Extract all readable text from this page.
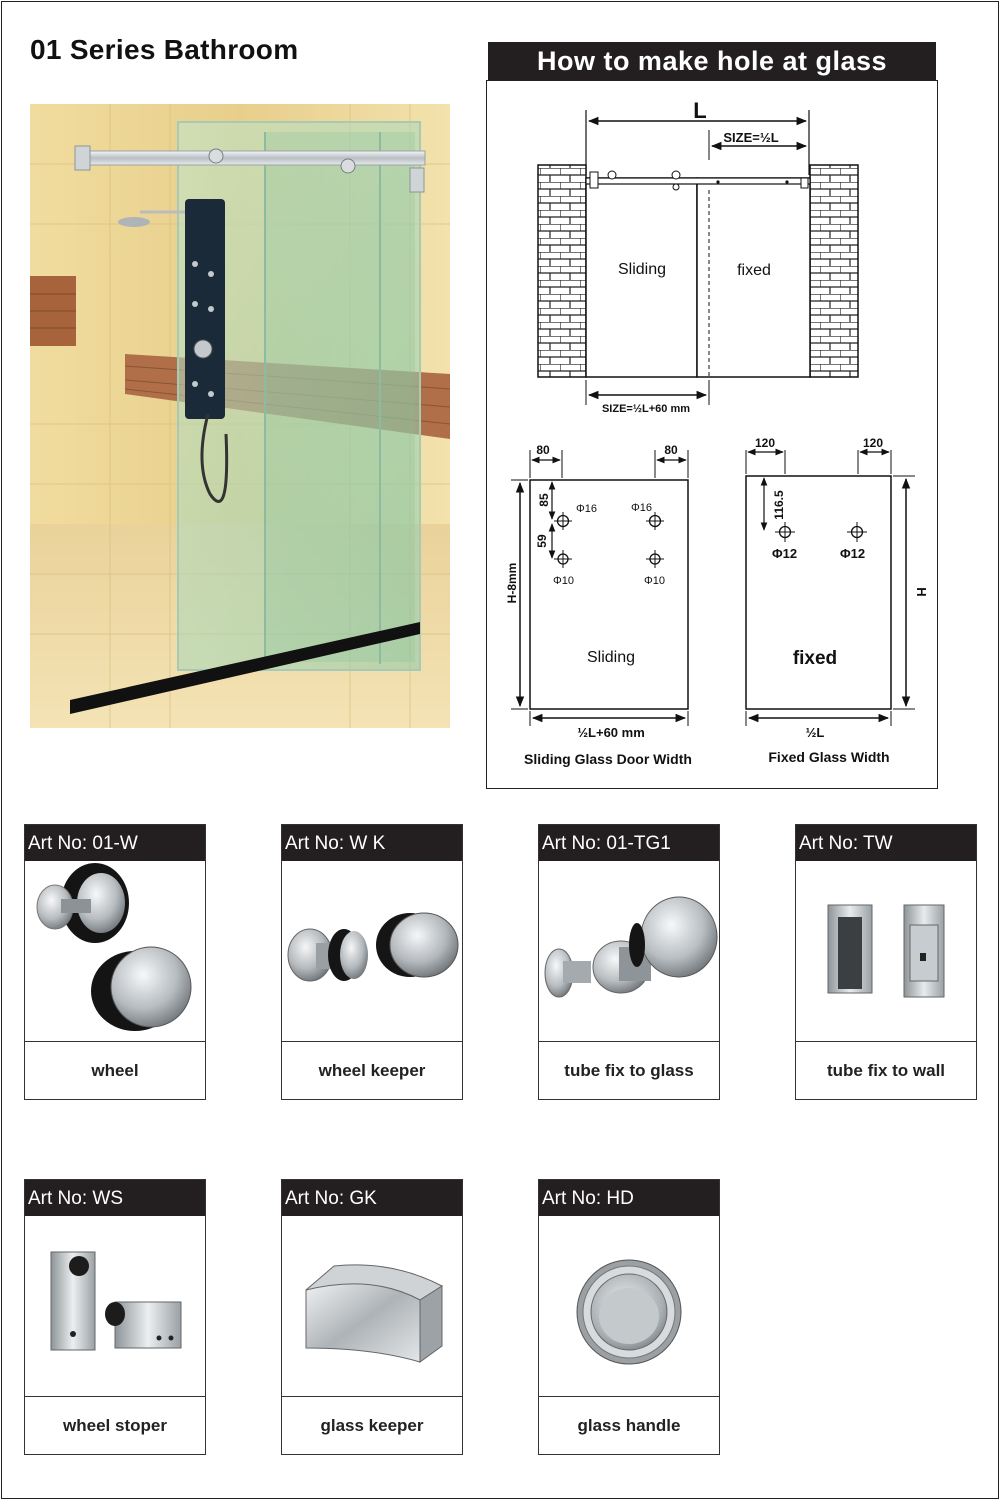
01 Series Bathroom	How to make hole at glass
L
SIZE=½L
Sliding	fixed
SIZE=½L+60 mm
80	80
85
59
Φ16	Φ16
Φ10	Φ10
H-8mm
Sliding
½L+60 mm
Sliding Glass Door Width
120	120
116.5
Φ12	Φ12
H
fixed
½L
Fixed Glass Width
Art No: 01-W
wheel
Art No: W K
wheel keeper
Art No: 01-TG1
tube fix to glass
Art No: TW
tube fix to wall
Art No: WS
wheel stoper
Art No: GK
glass keeper
Art No: HD
glass handle
